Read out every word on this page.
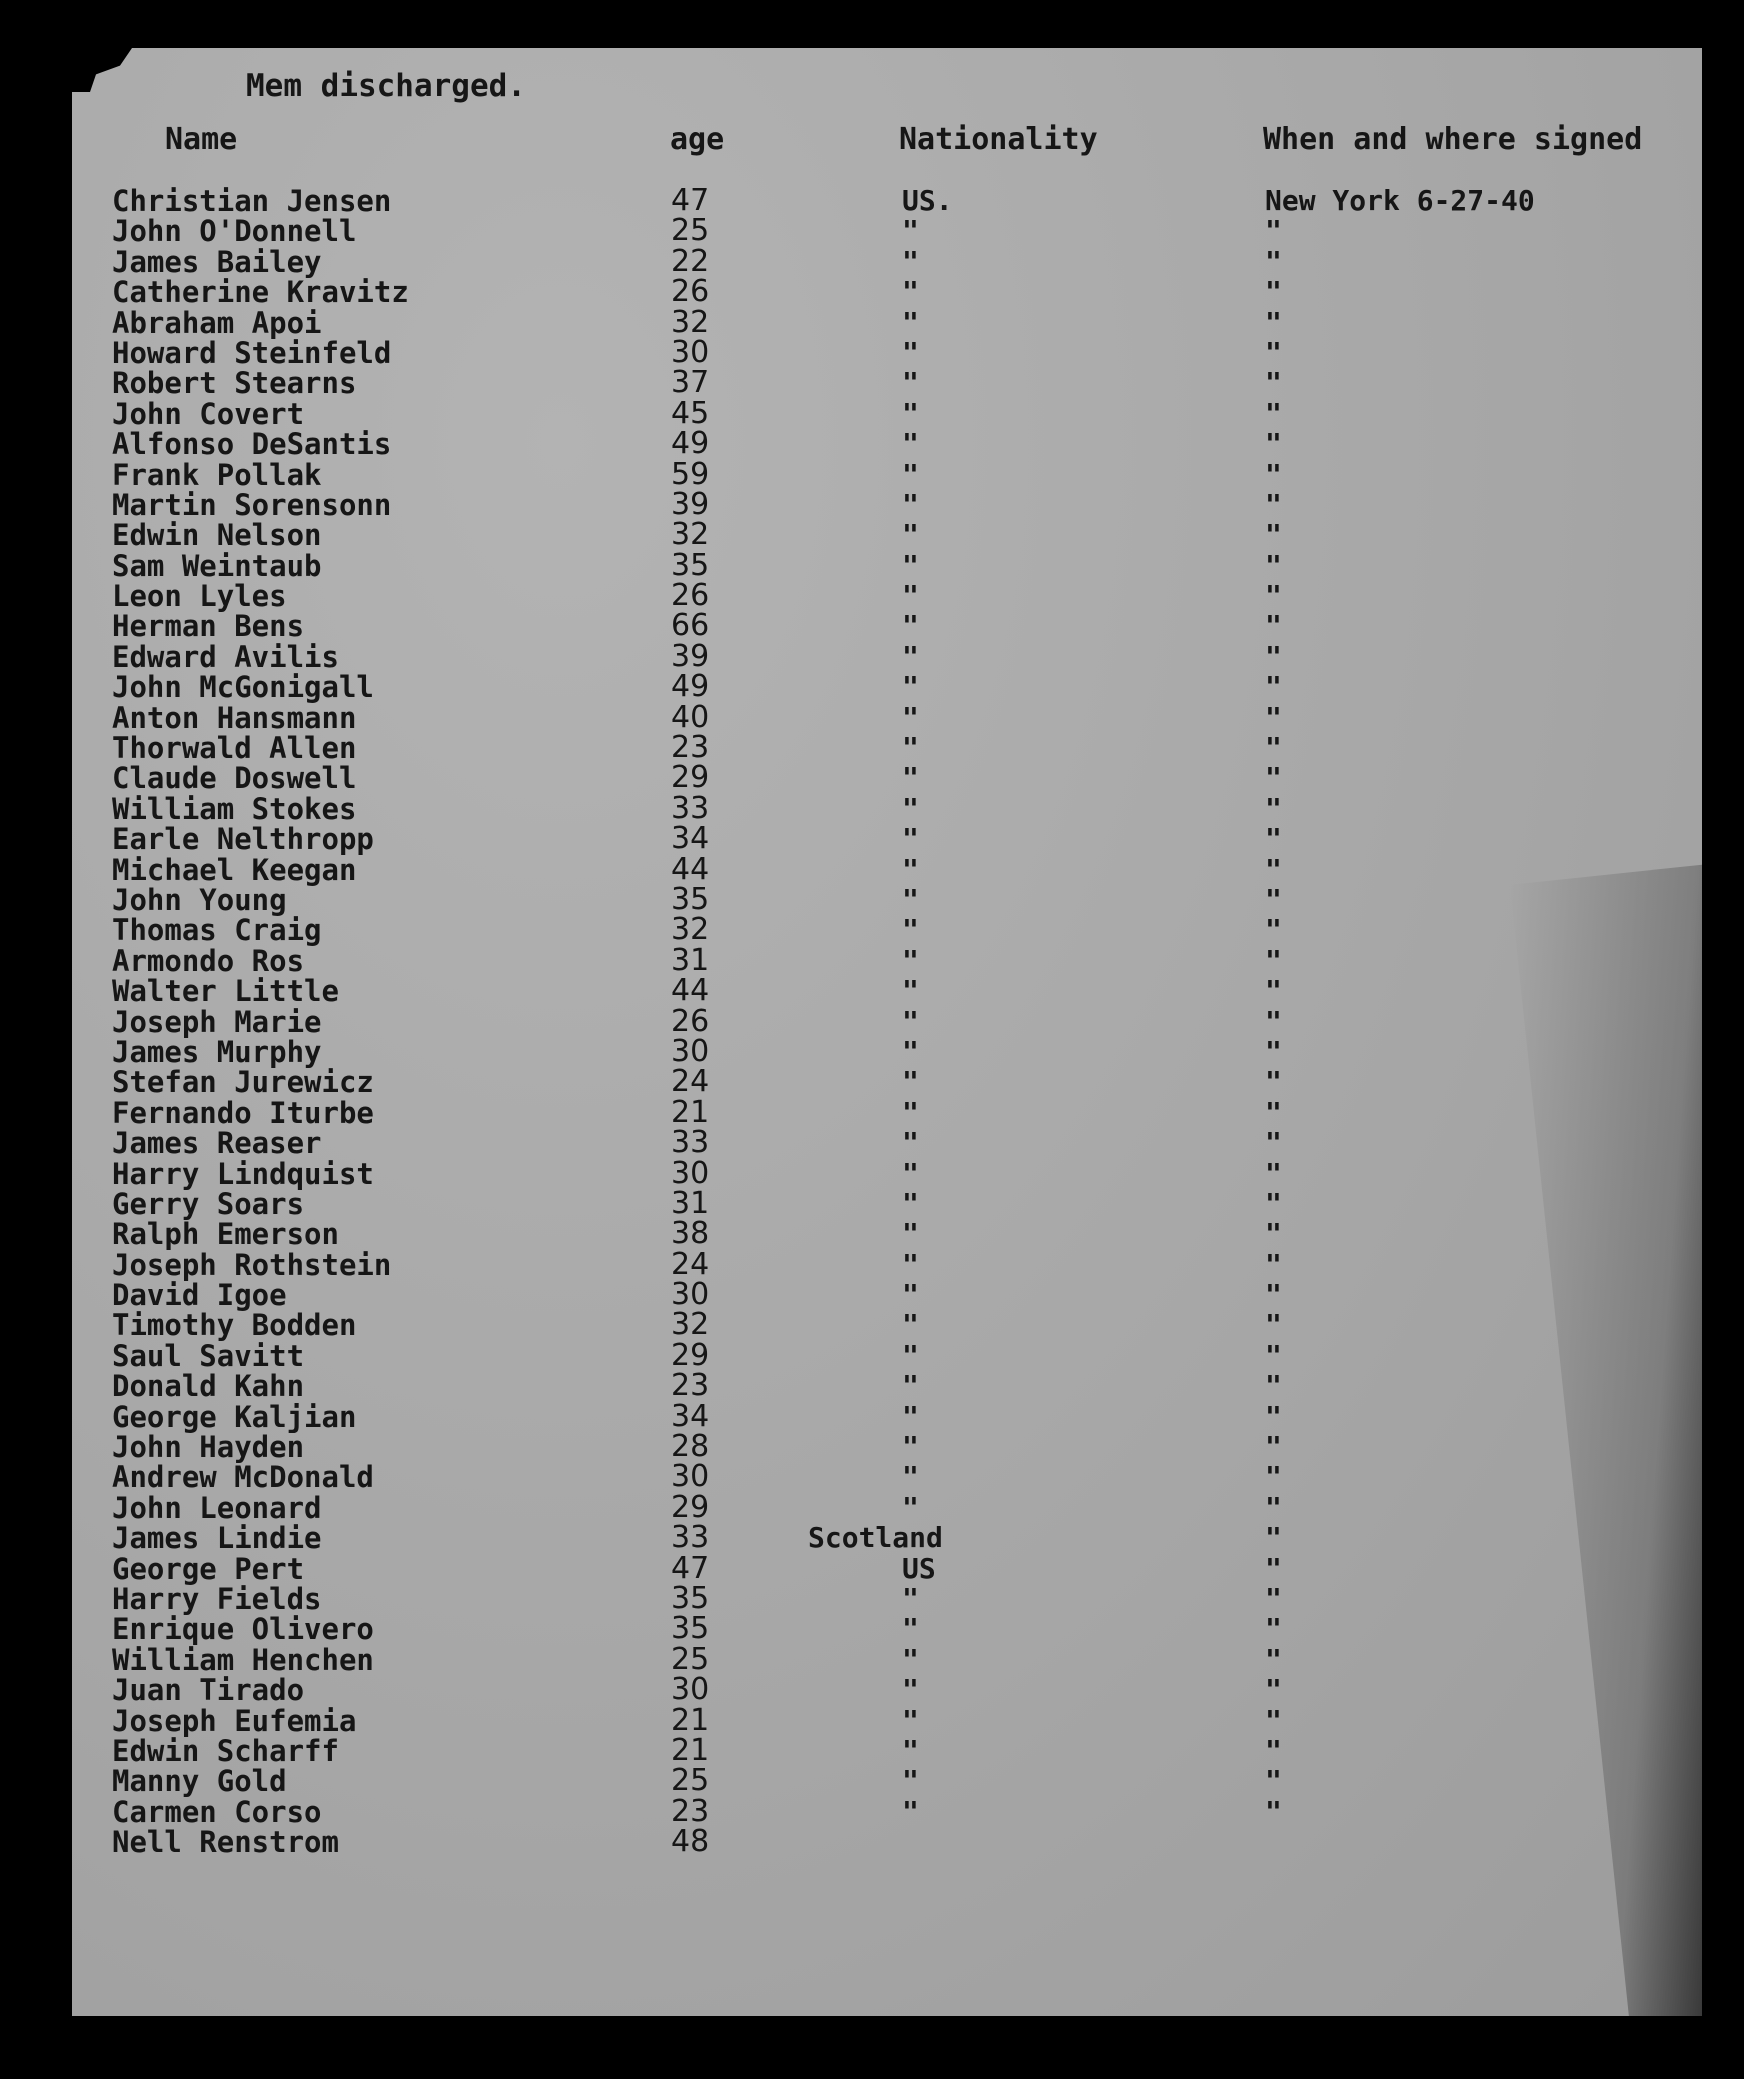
Mem discharged.
Name	age	Nationality	When and where signed
Christian Jensen	47	US.	New York 6-27-40
John O'Donnell	25	"	"
James Bailey	22	"	"
Catherine Kravitz	26	"	"
Abraham Apoi	32	"	"
Howard Steinfeld	30	"	"
Robert Stearns	37	"	"
John Covert	45	"	"
Alfonso DeSantis	49	"	"
Frank Pollak	59	"	"
Martin Sorensonn	39	"	"
Edwin Nelson	32	"	"
Sam Weintaub	35	"	"
Leon Lyles	26	"	"
Herman Bens	66	"	"
Edward Avilis	39	"	"
John McGonigall	49	"	"
Anton Hansmann	40	"	"
Thorwald Allen	23	"	"
Claude Doswell	29	"	"
William Stokes	33	"	"
Earle Nelthropp	34	"	"
Michael Keegan	44	"	"
John Young	35	"	"
Thomas Craig	32	"	"
Armondo Ros	31	"	"
Walter Little	44	"	"
Joseph Marie	26	"	"
James Murphy	30	"	"
Stefan Jurewicz	24	"	"
Fernando Iturbe	21	"	"
James Reaser	33	"	"
Harry Lindquist	30	"	"
Gerry Soars	31	"	"
Ralph Emerson	38	"	"
Joseph Rothstein	24	"	"
David Igoe	30	"	"
Timothy Bodden	32	"	"
Saul Savitt	29	"	"
Donald Kahn	23	"	"
George Kaljian	34	"	"
John Hayden	28	"	"
Andrew McDonald	30	"	"
John Leonard	29	"	"
James Lindie	33	Scotland	"
George Pert	47	US	"
Harry Fields	35	"	"
Enrique Olivero	35	"	"
William Henchen	25	"	"
Juan Tirado	30	"	"
Joseph Eufemia	21	"	"
Edwin Scharff	21	"	"
Manny Gold	25	"	"
Carmen Corso	23	"	"
Nell Renstrom	48
